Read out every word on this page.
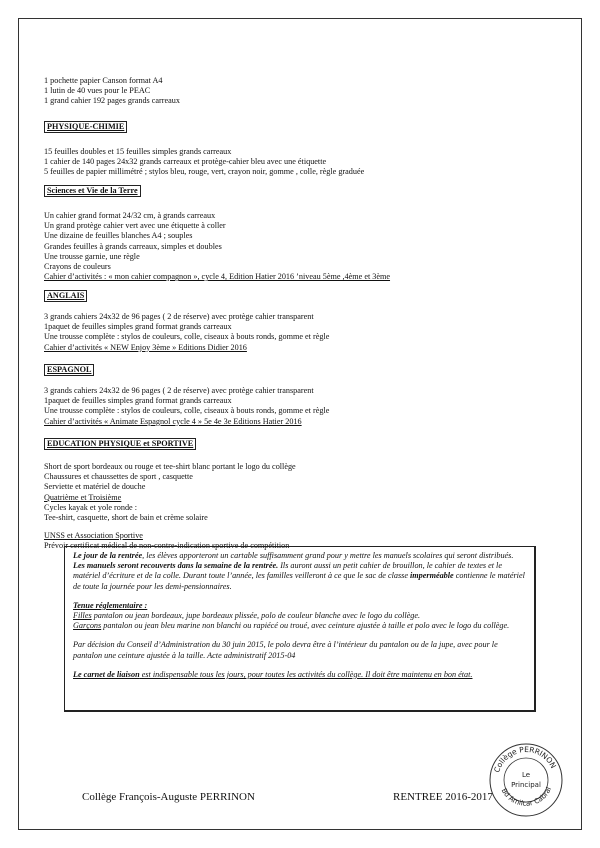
1 pochette papier Canson format A4
1 lutin de 40 vues pour le PEAC
1 grand cahier 192 pages grands carreaux
PHYSIQUE-CHIMIE
15 feuilles doubles et 15 feuilles simples grands carreaux
1 cahier de 140 pages 24x32 grands carreaux et protège-cahier bleu avec une étiquette
5 feuilles de papier millimétré ; stylos bleu, rouge, vert, crayon noir, gomme , colle, règle graduée
Sciences et Vie de la Terre
Un cahier grand format 24/32 cm, à grands carreaux
Un grand protège cahier vert avec une étiquette à coller
Une dizaine de feuilles blanches A4 ; souples
Grandes feuilles à grands carreaux, simples et doubles
Une trousse garnie, une règle
Crayons de couleurs
Cahier d’activités : « mon cahier compagnon », cycle 4, Edition Hatier 2016 ’niveau 5ème ,4ème et 3ème
ANGLAIS
3 grands cahiers 24x32 de 96 pages ( 2 de réserve) avec protège cahier transparent
1paquet de feuilles simples grand format grands carreaux
Une trousse complète : stylos de couleurs, colle, ciseaux à bouts ronds, gomme et règle
Cahier d’activités « NEW Enjoy 3ème » Editions Didier 2016
ESPAGNOL
3 grands cahiers 24x32 de 96 pages ( 2 de réserve) avec protège cahier transparent
1paquet de feuilles simples grand format grands carreaux
Une trousse complète : stylos de couleurs, colle, ciseaux à bouts ronds, gomme et règle
Cahier d’activités « Animate Espagnol cycle 4 » 5e 4e 3e Editions Hatier 2016
EDUCATION PHYSIQUE et SPORTIVE
Short de sport bordeaux ou rouge et tee-shirt blanc portant le logo du collège
Chaussures et chaussettes de sport , casquette
Serviette et matériel de douche
Quatrième et Troisième
Cycles kayak et yole ronde :
Tee-shirt, casquette, short de bain et crème solaire
UNSS et Association Sportive
Prévoir certificat médical de non-contre-indication sportive de compétition

Le jour de la rentrée, les élèves apporteront un cartable suffisamment grand pour y mettre les manuels scolaires qui seront distribués.

Les manuels seront recouverts dans la semaine de la rentrée. Ils auront aussi un petit cahier de brouillon, le cahier de textes et le matériel d’écriture et de la colle. Durant toute l’année, les familles veilleront à ce que le sac de classe imperméable contienne le matériel de toute la journée pour les demi-pensionnaires.

Tenue réglementaire :

Filles pantalon ou jean bordeaux, jupe bordeaux plissée, polo de couleur blanche avec le logo du collège.

Garçons pantalon ou jean bleu marine non blanchi ou rapiécé ou troué, avec ceinture ajustée à taille et polo avec le logo du collège.

Par décision du Conseil d’Administration du 30 juin 2015, le polo devra être à l’intérieur du pantalon ou de la jupe, avec pour le pantalon une ceinture ajustée à la taille. Acte administratif 2015-04

Le carnet de liaison est indispensable tous les jours, pour toutes les activités du collège. Il doit être maintenu en bon état.

Collège François-Auguste PERRINON	RENTREE 2016-2017
Collège PERRINON
Bd Amilcar Cabral
Le
Principal
